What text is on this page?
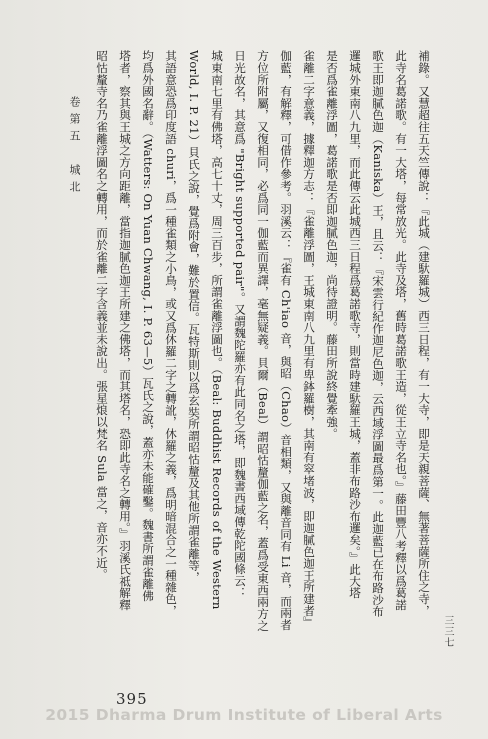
卷第五　城北	補錄。又慧超往五天竺傳說：『此城（建馱羅城）西三日程，有一大寺，即是天親菩薩、無著菩薩所住之寺，
此寺名葛諾歌。有一大塔，每常放光。此寺及塔，舊時葛諾歌王造，從王立寺名也。』藤田豐八考釋以爲葛諾
歌王即迦膩色迦（Kaniska）王，且云：『宋雲行紀作迦尼色迦，云西域浮圖最爲第一。此迦藍已在布路沙布
邏城外東南八九里，而此傳云此城西三日程爲葛諾歌寺，則當時建馱羅王城，蓋非布路沙布邏矣。』此大塔
是否爲雀離浮圖，葛諾歌是否即迦膩色迦，尚待證明。藤田所說終覺牽強。
雀離二字意義，據釋迦方志：『雀離浮圖，王城東南八九里有卑鉢羅樹，其南有窣堵波，即迦膩色迦王所建者』
伽藍，有解釋，可借作參考。羽溪云：『雀有 Ch'iao 音，與昭（Chao）音相類，又與離音同有 Li 音，而兩者
方位所附屬，又復相同，必爲同一伽藍而異譯，毫無疑義。貝爾（Beal）謂昭怙釐伽藍之名，蓋爲受東西兩方之
日光故名，其意爲 "Bright supported pair"。又謂魏陀羅亦有此同名之塔，即魏書西域傳乾陀國條云：
城東南七里有佛塔，高七十丈，周三百步，所謂雀離浮圖也。（Beal: Buddhist Records of the Western
World, I. P. 21）貝氏之說，覺爲附會，難於置信。瓦特斯則以爲玄奘所謂昭怙釐及其他所謂雀離等，
其語意恐爲印度語 churi，爲一種雀類之小鳥，或又爲休羅二字之轉訛，休羅之義，爲明暗混合之一種雜色，
均爲外國名辭。（Watters: On Yuan Chwang, I. P. 63—5）瓦氏之說，蓋亦未能確鑿。魏書所謂雀離佛
塔者，察其與王城之方向距離，當指迦膩色迦王所建之佛塔，而其塔名，恐即此寺名之轉用。』羽溪氏祗解釋
昭怙釐寺名乃雀離浮圖名之轉用，而於雀離二字含義並未說出。張星烺以梵名 Sula 當之，音亦不近。
三三七
395
2015 Dharma Drum Institute of Liberal Arts
